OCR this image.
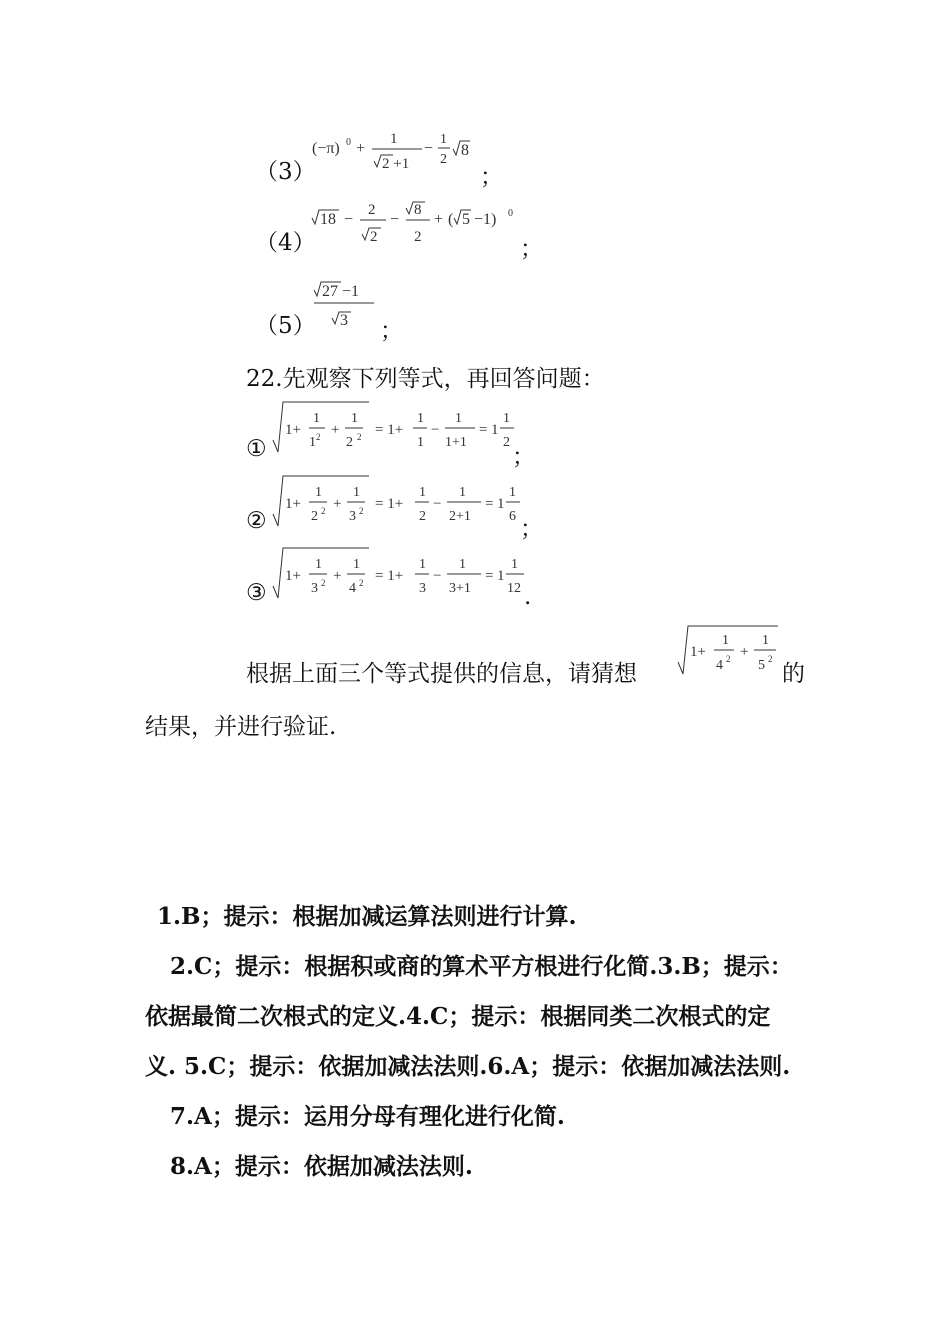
（3）
(−π) 0 +
1
2 +1
−
1
2
8
；
（4）
18 −
2
2
−
8
2
+ ( 5 −1) 0
；
（5）
27 −1
3 ；
22.先观察下列等式，再回答问题：
①
1+
1
$1^2$ +
1
2 2 = 1+
1
1
−
1
1+1
= 1
1
2
；
②
1+
1
2 2 +
1
3 2 = 1+
1
2
−
1
2+1
= 1
1
6 ；
③
1+
1
3 2 +
1
4 2 = 1+
1
3
−
1
3+1
= 1
1
12 .
根据上面三个等式提供的信息，请猜想
1+
1
4 2 +
1
5 2
的
结果，并进行验证.
1.B；提示：根据加减运算法则进行计算.
2.C；提示：根据积或商的算术平方根进行化简.3.B；提示：
依据最简二次根式的定义.4.C；提示：根据同类二次根式的定
义. 5.C；提示：依据加减法法则.6.A；提示：依据加减法法则.
7.A；提示：运用分母有理化进行化简.
8.A；提示：依据加减法法则.
